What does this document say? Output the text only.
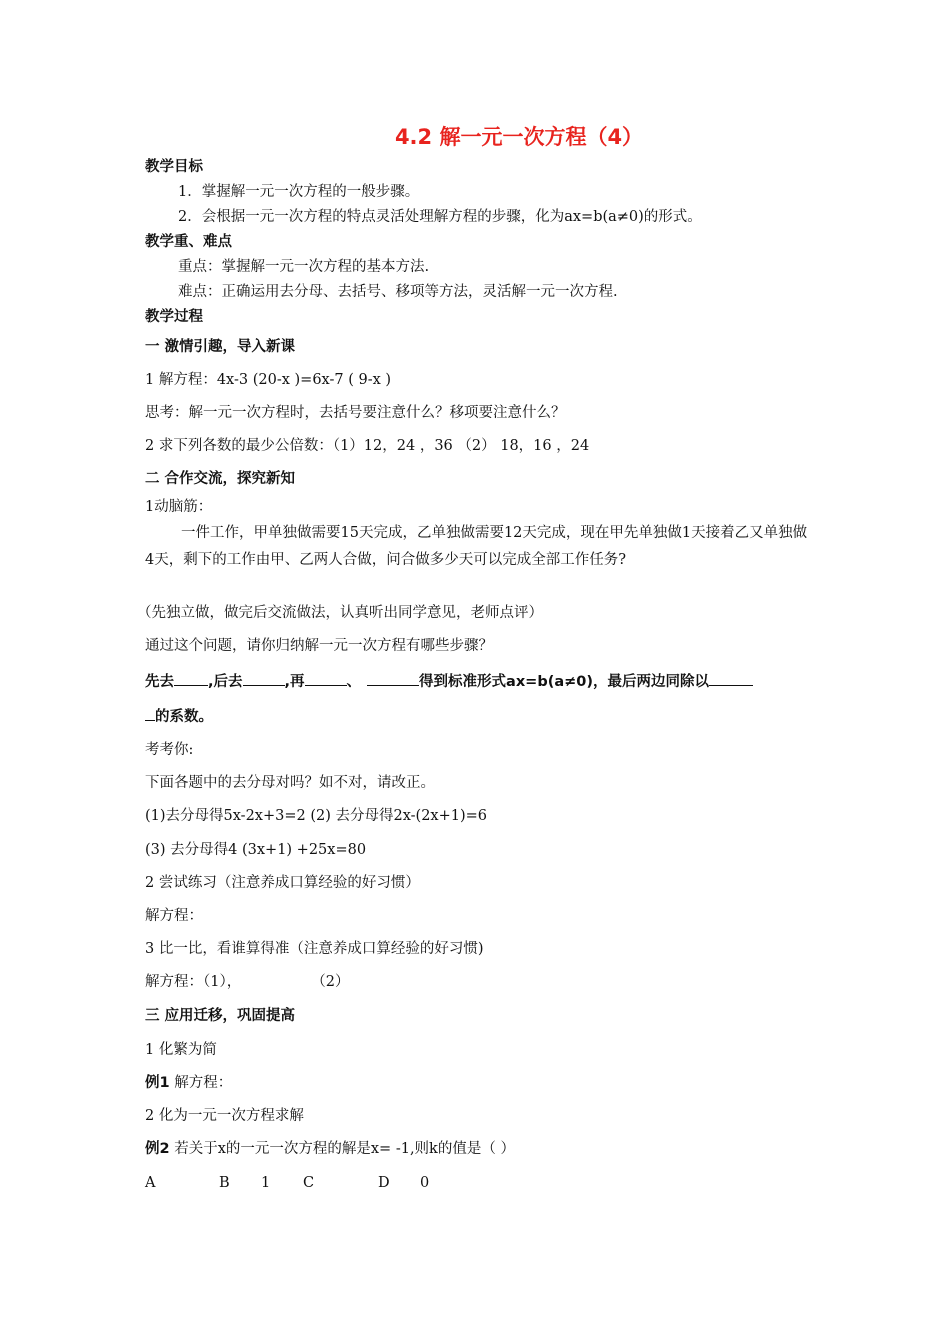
4.2 解一元一次方程（4）
教学目标
1．掌握解一元一次方程的一般步骤。
2．会根据一元一次方程的特点灵活处理解方程的步骤，化为ax=b(a≠0)的形式。
教学重、难点
重点：掌握解一元一次方程的基本方法.
难点：正确运用去分母、去括号、移项等方法，灵活解一元一次方程.
教学过程
一 激情引趣，导入新课
1 解方程：4x-3 (20-x )=6x-7 ( 9-x )
思考：解一元一次方程时，去括号要注意什么？移项要注意什么？
2 求下列各数的最少公倍数：（1）12，24 ，36 （2） 18，16 ，24
二 合作交流，探究新知
1动脑筋：
一件工作，甲单独做需要15天完成，乙单独做需要12天完成，现在甲先单独做1天接着乙又单独做4天，剩下的工作由甲、乙两人合做，问合做多少天可以完成全部工作任务?
（先独立做，做完后交流做法，认真听出同学意见，老师点评）
通过这个问题，请你归纳解一元一次方程有哪些步骤？
先去 ,后去	,再	、	得到标准形式ax=b(a≠0)，最后两边同除以
的系数。
考考你:
下面各题中的去分母对吗？如不对，请改正。
(1)去分母得5x-2x+3=2 (2) 去分母得2x-(2x+1)=6
(3) 去分母得4 (3x+1) +25x=80
2 尝试练习（注意养成口算经验的好习惯）
解方程：
3 比一比，看谁算得准（注意养成口算经验的好习惯)
解方程：（1），	（2）
三 应用迁移，巩固提高
1 化繁为简
例1 解方程：
2 化为一元一次方程求解
例2 若关于x的一元一次方程的解是x= -1,则k的值是（ ）
A	B 1 C	D 0
